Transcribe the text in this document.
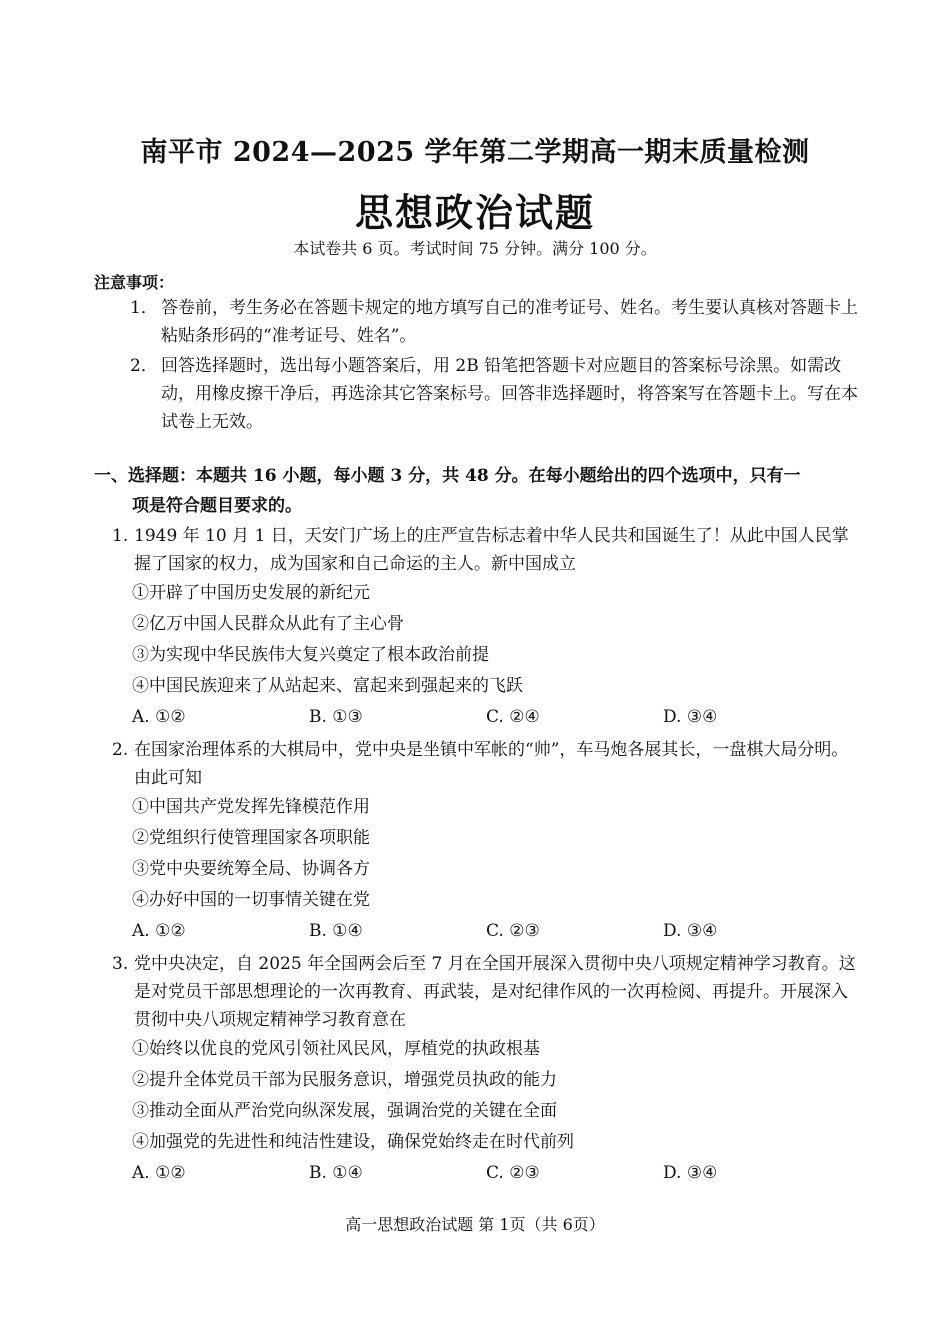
南平市 2024—2025 学年第二学期高一期末质量检测
思想政治试题
本试卷共 6 页。考试时间 75 分钟。满分 100 分。
注意事项：
1． 答卷前，考生务必在答题卡规定的地方填写自己的准考证号、姓名。考生要认真核对答题卡上粘贴条形码的“准考证号、姓名”。
2． 回答选择题时，选出每小题答案后，用 2B 铅笔把答题卡对应题目的答案标号涂黑。如需改动，用橡皮擦干净后，再选涂其它答案标号。回答非选择题时，将答案写在答题卡上。写在本试卷上无效。
一、选择题：本题共 16 小题，每小题 3 分，共 48 分。在每小题给出的四个选项中，只有一
项是符合题目要求的。
1. 1949 年 10 月 1 日，天安门广场上的庄严宣告标志着中华人民共和国诞生了！从此中国人民掌握了国家的权力，成为国家和自己命运的主人。新中国成立
①开辟了中国历史发展的新纪元
②亿万中国人民群众从此有了主心骨
③为实现中华民族伟大复兴奠定了根本政治前提
④中国民族迎来了从站起来、富起来到强起来的飞跃
A. ①②	B. ①③	C. ②④	D. ③④
2. 在国家治理体系的大棋局中，党中央是坐镇中军帐的“帅”，车马炮各展其长，一盘棋大局分明。由此可知
①中国共产党发挥先锋模范作用
②党组织行使管理国家各项职能
③党中央要统筹全局、协调各方
④办好中国的一切事情关键在党
A. ①②	B. ①④	C. ②③	D. ③④
3. 党中央决定，自 2025 年全国两会后至 7 月在全国开展深入贯彻中央八项规定精神学习教育。这是对党员干部思想理论的一次再教育、再武装，是对纪律作风的一次再检阅、再提升。开展深入贯彻中央八项规定精神学习教育意在
①始终以优良的党风引领社风民风，厚植党的执政根基
②提升全体党员干部为民服务意识，增强党员执政的能力
③推动全面从严治党向纵深发展，强调治党的关键在全面
④加强党的先进性和纯洁性建设，确保党始终走在时代前列
A. ①②	B. ①④	C. ②③	D. ③④
高一思想政治试题 第 1页（共 6页）
